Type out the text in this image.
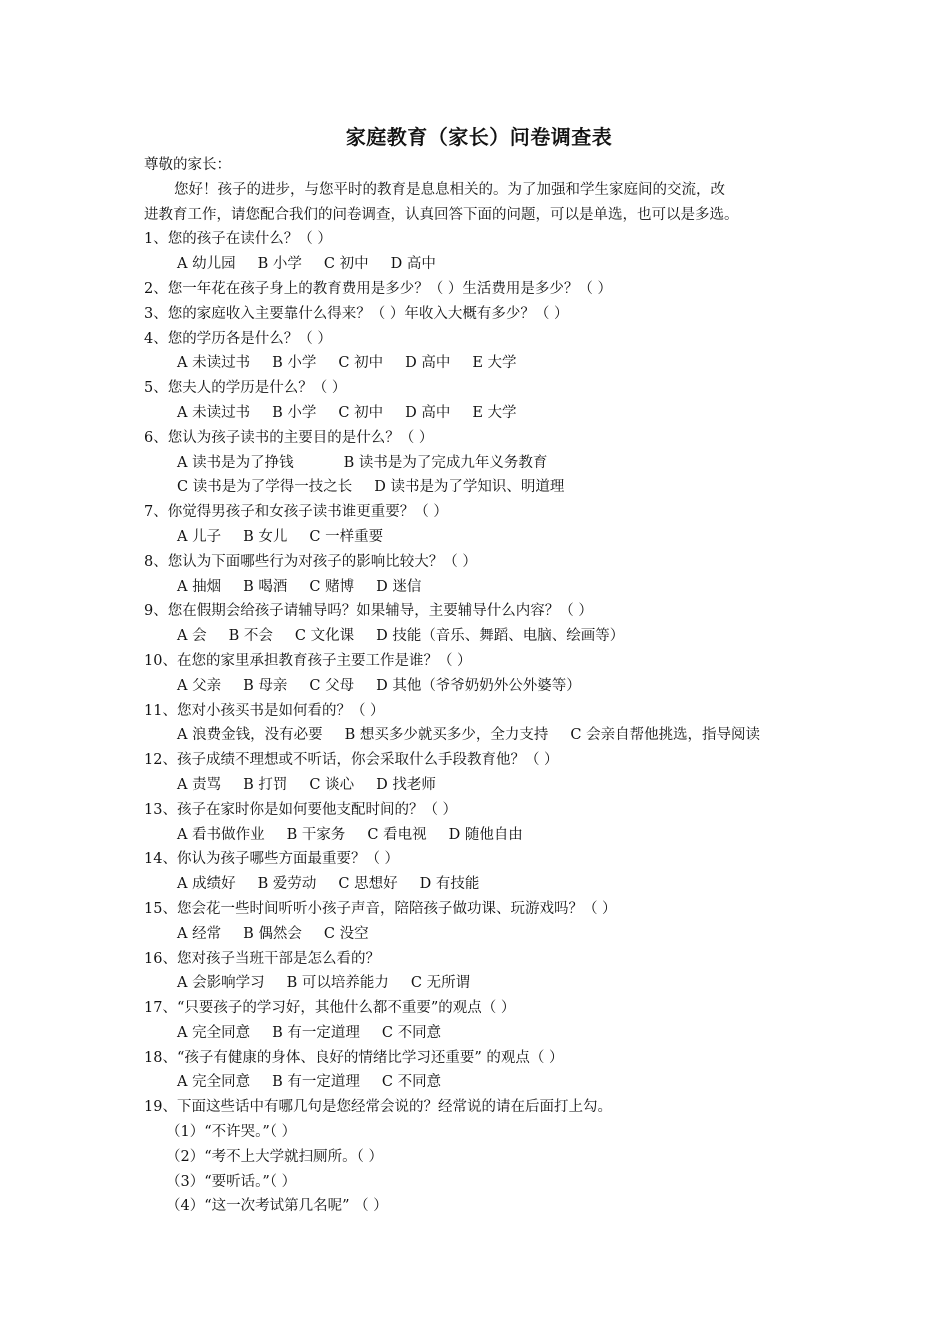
家庭教育（家长）问卷调查表
尊敬的家长：
您好！孩子的进步，与您平时的教育是息息相关的。为了加强和学生家庭间的交流，改
进教育工作，请您配合我们的问卷调查，认真回答下面的问题，可以是单选，也可以是多选。
1、您的孩子在读什么？（ ）
A 幼儿园 B 小学 C 初中 D 高中
2、您一年花在孩子身上的教育费用是多少？（ ）生活费用是多少？（ ）
3、您的家庭收入主要靠什么得来？（ ）年收入大概有多少？（ ）
4、您的学历各是什么？（ ）
A 未读过书 B 小学 C 初中 D 高中 E 大学
5、您夫人的学历是什么？（ ）
A 未读过书 B 小学 C 初中 D 高中 E 大学
6、您认为孩子读书的主要目的是什么？（ ）
A 读书是为了挣钱	B 读书是为了完成九年义务教育
C 读书是为了学得一技之长 D 读书是为了学知识、明道理
7、你觉得男孩子和女孩子读书谁更重要？（ ）
A 儿子 B 女儿 C 一样重要
8、您认为下面哪些行为对孩子的影响比较大？（ ）
A 抽烟 B 喝酒 C 赌博 D 迷信
9、您在假期会给孩子请辅导吗？如果辅导，主要辅导什么内容？（ ）
A 会 B 不会 C 文化课 D 技能（音乐、舞蹈、电脑、绘画等）
10、在您的家里承担教育孩子主要工作是谁？（ ）
A 父亲 B 母亲 C 父母 D 其他（爷爷奶奶外公外婆等）
11、您对小孩买书是如何看的？（ ）
A 浪费金钱，没有必要 B 想买多少就买多少，全力支持 C 会亲自帮他挑选，指导阅读
12、孩子成绩不理想或不听话，你会采取什么手段教育他？（ ）
A 责骂 B 打罚 C 谈心 D 找老师
13、孩子在家时你是如何要他支配时间的？（ ）
A 看书做作业 B 干家务 C 看电视 D 随他自由
14、你认为孩子哪些方面最重要？（ ）
A 成绩好 B 爱劳动 C 思想好 D 有技能
15、您会花一些时间听听小孩子声音，陪陪孩子做功课、玩游戏吗？（ ）
A 经常 B 偶然会 C 没空
16、您对孩子当班干部是怎么看的？
A 会影响学习 B 可以培养能力 C 无所谓
17、“只要孩子的学习好，其他什么都不重要”的观点（ ）
A 完全同意 B 有一定道理 C 不同意
18、“孩子有健康的身体、良好的情绪比学习还重要” 的观点（ ）
A 完全同意 B 有一定道理 C 不同意
19、下面这些话中有哪几句是您经常会说的？经常说的请在后面打上勾。
（1）“不许哭。”（ ）
（2）“考不上大学就扫厕所。（ ）
（3）“要听话。”（ ）
（4）“这一次考试第几名呢” （ ）
